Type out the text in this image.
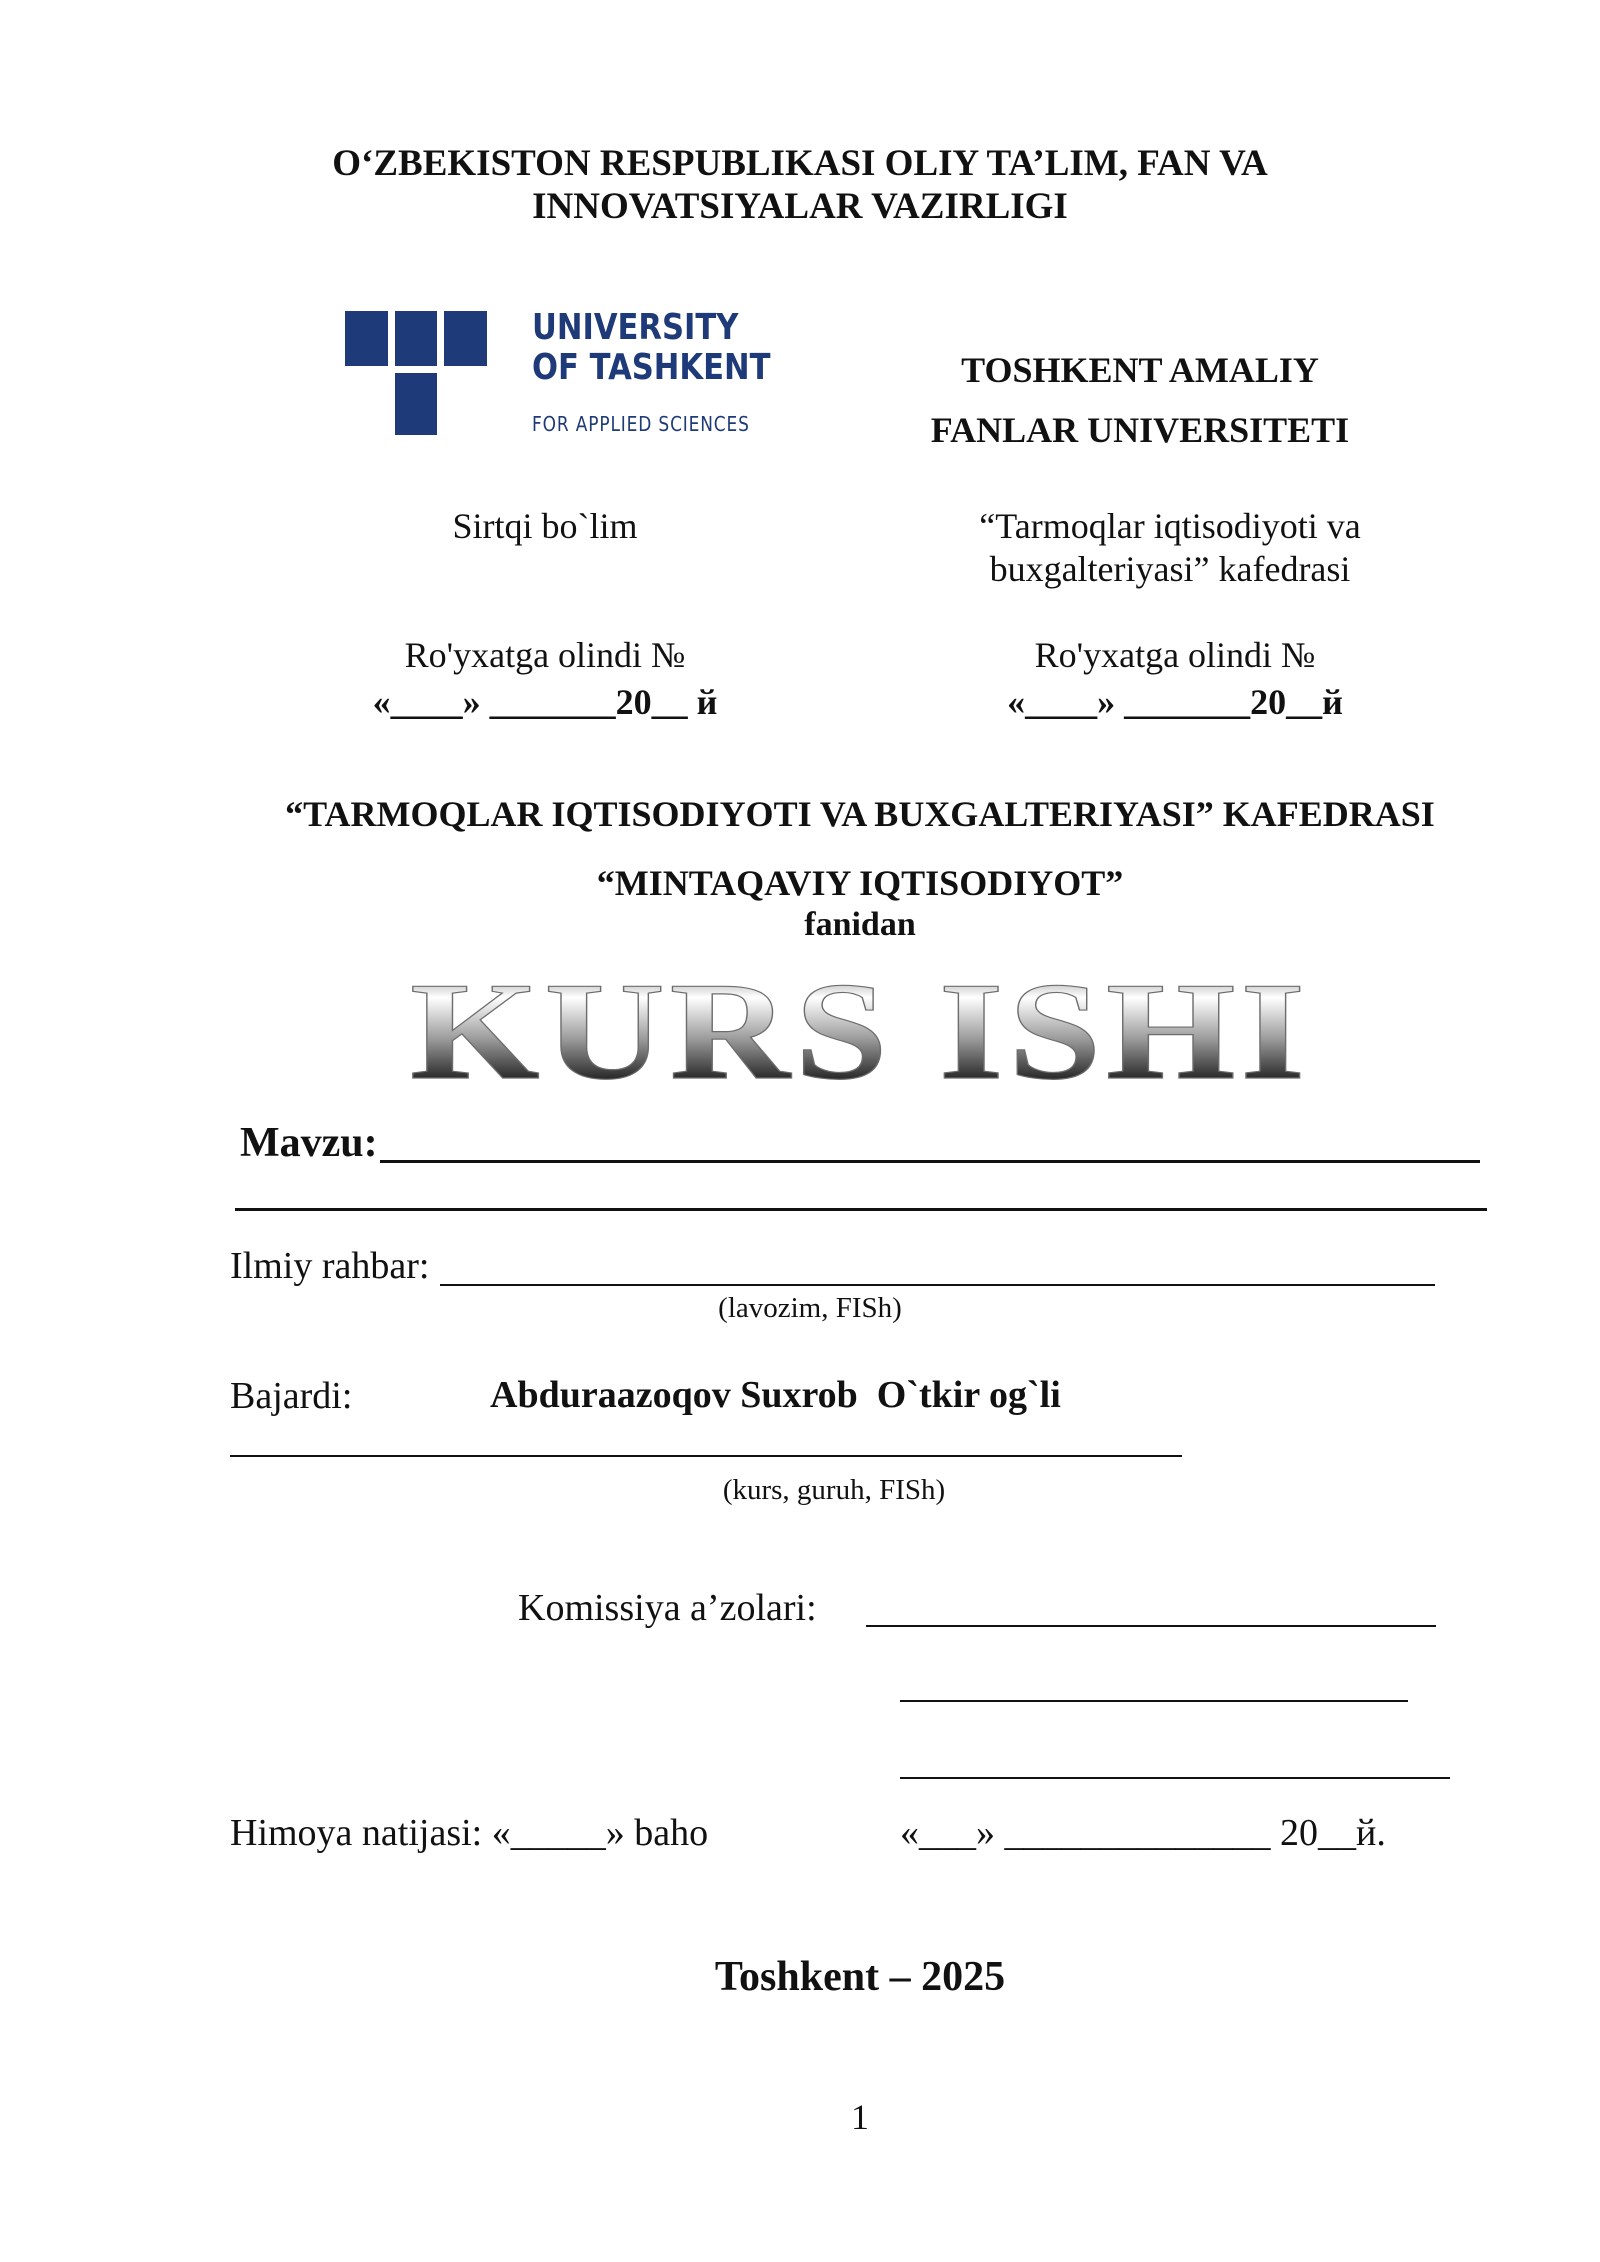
O‘ZBEKISTON RESPUBLIKASI OLIY TA’LIM, FAN VA
INNOVATSIYALAR VAZIRLIGI
UNIVERSITY
OF TASHKENT
FOR APPLIED SCIENCES
TOSHKENT AMALIY
FANLAR UNIVERSITETI
Sirtqi bo`lim	“Tarmoqlar iqtisodiyoti va
buxgalteriyasi” kafedrasi
Ro'yxatga olindi №
«____» _______20__ й
Ro'yxatga olindi №
«____» _______20__й
“TARMOQLAR IQTISODIYOTI VA BUXGALTERIYASI” KAFEDRASI
“MINTAQAVIY IQTISODIYOT”
fanidan
KURS ISHI
Mavzu:
Ilmiy rahbar:
(lavozim, FISh)
Bajardi:	Abduraazoqov Suxrob  O`tkir og`li
(kurs, guruh, FISh)
Komissiya a’zolari:
Himoya natijasi: «_____» baho	«___» ______________ 20__й.
Toshkent – 2025
1
